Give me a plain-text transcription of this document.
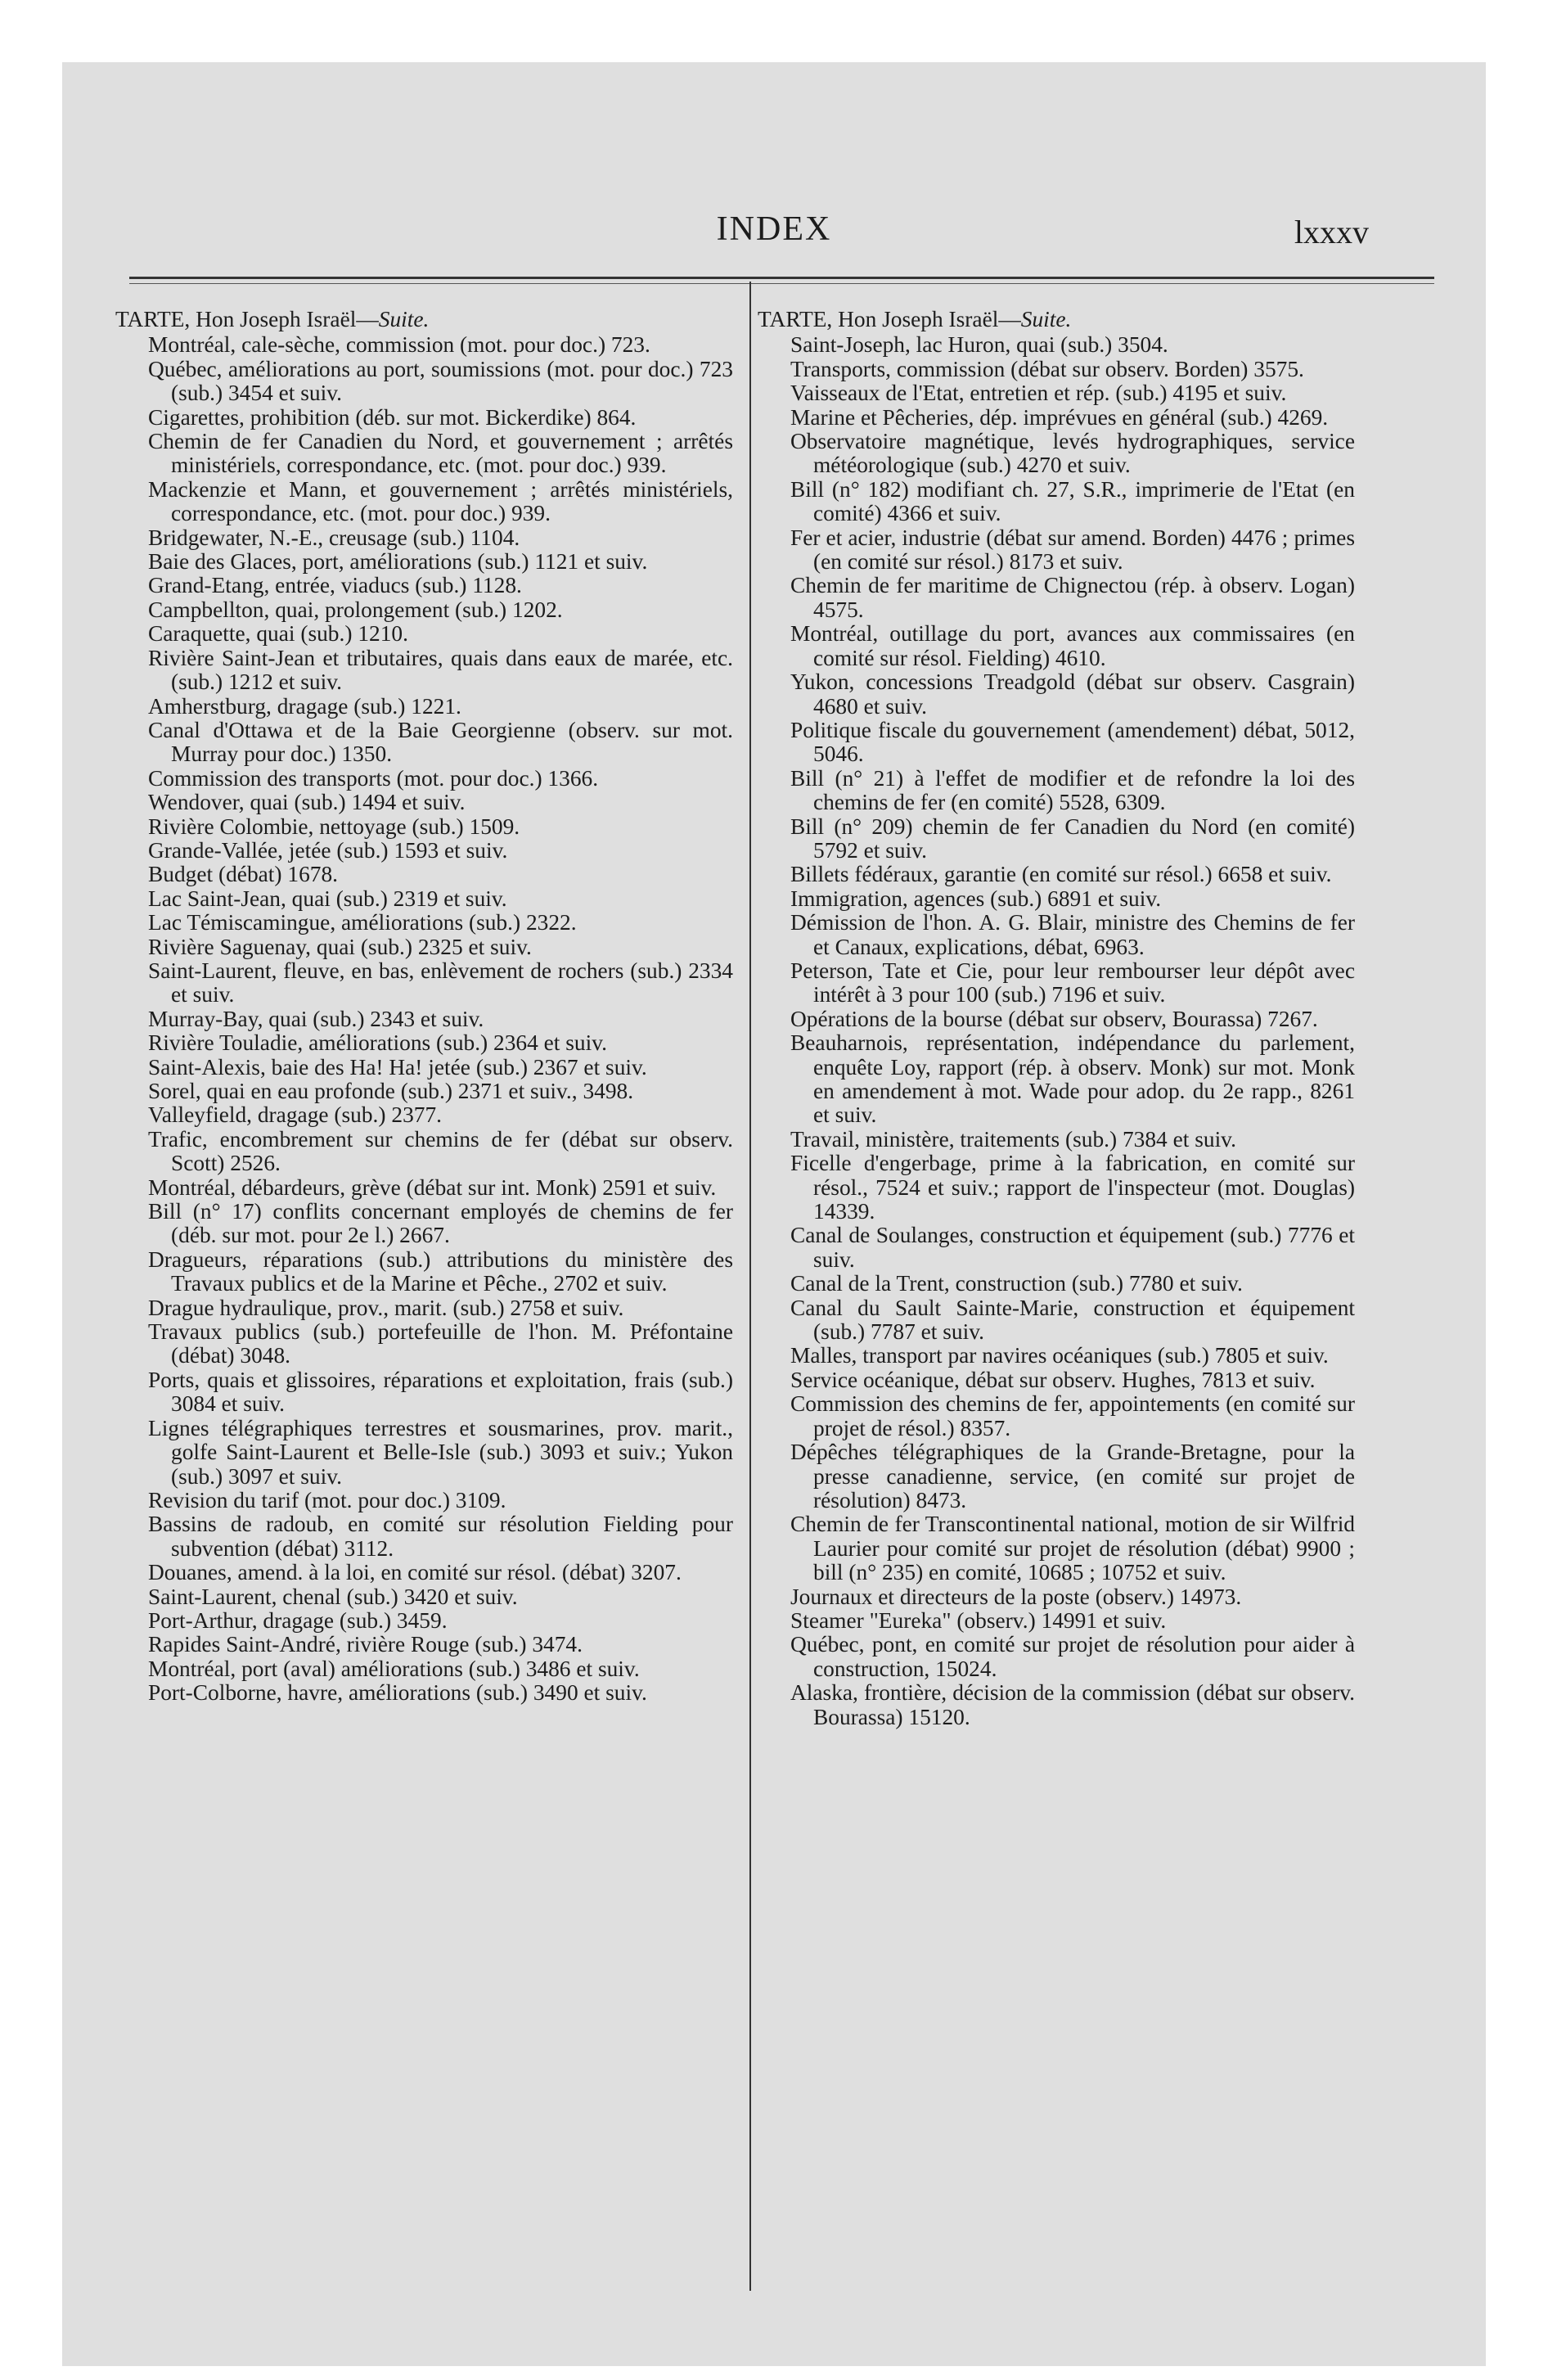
INDEX	lxxxv
TARTE, Hon Joseph Israël—Suite.

Montréal, cale-sèche, commission (mot. pour doc.) 723.

Québec, améliorations au port, soumissions (mot. pour doc.) 723 (sub.) 3454 et suiv.

Cigarettes, prohibition (déb. sur mot. Bickerdike) 864.

Chemin de fer Canadien du Nord, et gouvernement ; arrêtés ministériels, correspondance, etc. (mot. pour doc.) 939.

Mackenzie et Mann, et gouvernement ; arrêtés ministériels, correspondance, etc. (mot. pour doc.) 939.

Bridgewater, N.-E., creusage (sub.) 1104.

Baie des Glaces, port, améliorations (sub.) 1121 et suiv.

Grand-Etang, entrée, viaducs (sub.) 1128.

Campbellton, quai, prolongement (sub.) 1202.

Caraquette, quai (sub.) 1210.

Rivière Saint-Jean et tributaires, quais dans eaux de marée, etc. (sub.) 1212 et suiv.

Amherstburg, dragage (sub.) 1221.

Canal d'Ottawa et de la Baie Georgienne (observ. sur mot. Murray pour doc.) 1350.

Commission des transports (mot. pour doc.) 1366.

Wendover, quai (sub.) 1494 et suiv.

Rivière Colombie, nettoyage (sub.) 1509.

Grande-Vallée, jetée (sub.) 1593 et suiv.

Budget (débat) 1678.

Lac Saint-Jean, quai (sub.) 2319 et suiv.

Lac Témiscamingue, améliorations (sub.) 2322.

Rivière Saguenay, quai (sub.) 2325 et suiv.

Saint-Laurent, fleuve, en bas, enlèvement de rochers (sub.) 2334 et suiv.

Murray-Bay, quai (sub.) 2343 et suiv.

Rivière Touladie, améliorations (sub.) 2364 et suiv.

Saint-Alexis, baie des Ha! Ha! jetée (sub.) 2367 et suiv.

Sorel, quai en eau profonde (sub.) 2371 et suiv., 3498.

Valleyfield, dragage (sub.) 2377.

Trafic, encombrement sur chemins de fer (débat sur observ. Scott) 2526.

Montréal, débardeurs, grève (débat sur int. Monk) 2591 et suiv.

Bill (n° 17) conflits concernant employés de chemins de fer (déb. sur mot. pour 2e l.) 2667.

Dragueurs, réparations (sub.) attributions du ministère des Travaux publics et de la Marine et Pêche., 2702 et suiv.

Drague hydraulique, prov., marit. (sub.) 2758 et suiv.

Travaux publics (sub.) portefeuille de l'hon. M. Préfontaine (débat) 3048.

Ports, quais et glissoires, réparations et exploitation, frais (sub.) 3084 et suiv.

Lignes télégraphiques terrestres et sousmarines, prov. marit., golfe Saint-Laurent et Belle-Isle (sub.) 3093 et suiv.; Yukon (sub.) 3097 et suiv.

Revision du tarif (mot. pour doc.) 3109.

Bassins de radoub, en comité sur résolution Fielding pour subvention (débat) 3112.

Douanes, amend. à la loi, en comité sur résol. (débat) 3207.

Saint-Laurent, chenal (sub.) 3420 et suiv.

Port-Arthur, dragage (sub.) 3459.

Rapides Saint-André, rivière Rouge (sub.) 3474.

Montréal, port (aval) améliorations (sub.) 3486 et suiv.

Port-Colborne, havre, améliorations (sub.) 3490 et suiv.

TARTE, Hon Joseph Israël—Suite.

Saint-Joseph, lac Huron, quai (sub.) 3504.

Transports, commission (débat sur observ. Borden) 3575.

Vaisseaux de l'Etat, entretien et rép. (sub.) 4195 et suiv.

Marine et Pêcheries, dép. imprévues en général (sub.) 4269.

Observatoire magnétique, levés hydrographiques, service météorologique (sub.) 4270 et suiv.

Bill (n° 182) modifiant ch. 27, S.R., imprimerie de l'Etat (en comité) 4366 et suiv.

Fer et acier, industrie (débat sur amend. Borden) 4476 ; primes (en comité sur résol.) 8173 et suiv.

Chemin de fer maritime de Chignectou (rép. à observ. Logan) 4575.

Montréal, outillage du port, avances aux commissaires (en comité sur résol. Fielding) 4610.

Yukon, concessions Treadgold (débat sur observ. Casgrain) 4680 et suiv.

Politique fiscale du gouvernement (amendement) débat, 5012, 5046.

Bill (n° 21) à l'effet de modifier et de refondre la loi des chemins de fer (en comité) 5528, 6309.

Bill (n° 209) chemin de fer Canadien du Nord (en comité) 5792 et suiv.

Billets fédéraux, garantie (en comité sur résol.) 6658 et suiv.

Immigration, agences (sub.) 6891 et suiv.

Démission de l'hon. A. G. Blair, ministre des Chemins de fer et Canaux, explications, débat, 6963.

Peterson, Tate et Cie, pour leur rembourser leur dépôt avec intérêt à 3 pour 100 (sub.) 7196 et suiv.

Opérations de la bourse (débat sur observ, Bourassa) 7267.

Beauharnois, représentation, indépendance du parlement, enquête Loy, rapport (rép. à observ. Monk) sur mot. Monk en amendement à mot. Wade pour adop. du 2e rapp., 8261 et suiv.

Travail, ministère, traitements (sub.) 7384 et suiv.

Ficelle d'engerbage, prime à la fabrication, en comité sur résol., 7524 et suiv.; rapport de l'inspecteur (mot. Douglas) 14339.

Canal de Soulanges, construction et équipement (sub.) 7776 et suiv.

Canal de la Trent, construction (sub.) 7780 et suiv.

Canal du Sault Sainte-Marie, construction et équipement (sub.) 7787 et suiv.

Malles, transport par navires océaniques (sub.) 7805 et suiv.

Service océanique, débat sur observ. Hughes, 7813 et suiv.

Commission des chemins de fer, appointements (en comité sur projet de résol.) 8357.

Dépêches télégraphiques de la Grande-Bretagne, pour la presse canadienne, service, (en comité sur projet de résolution) 8473.

Chemin de fer Transcontinental national, motion de sir Wilfrid Laurier pour comité sur projet de résolution (débat) 9900 ; bill (n° 235) en comité, 10685 ; 10752 et suiv.

Journaux et directeurs de la poste (observ.) 14973.

Steamer "Eureka" (observ.) 14991 et suiv.

Québec, pont, en comité sur projet de résolution pour aider à construction, 15024.

Alaska, frontière, décision de la commission (débat sur observ. Bourassa) 15120.
